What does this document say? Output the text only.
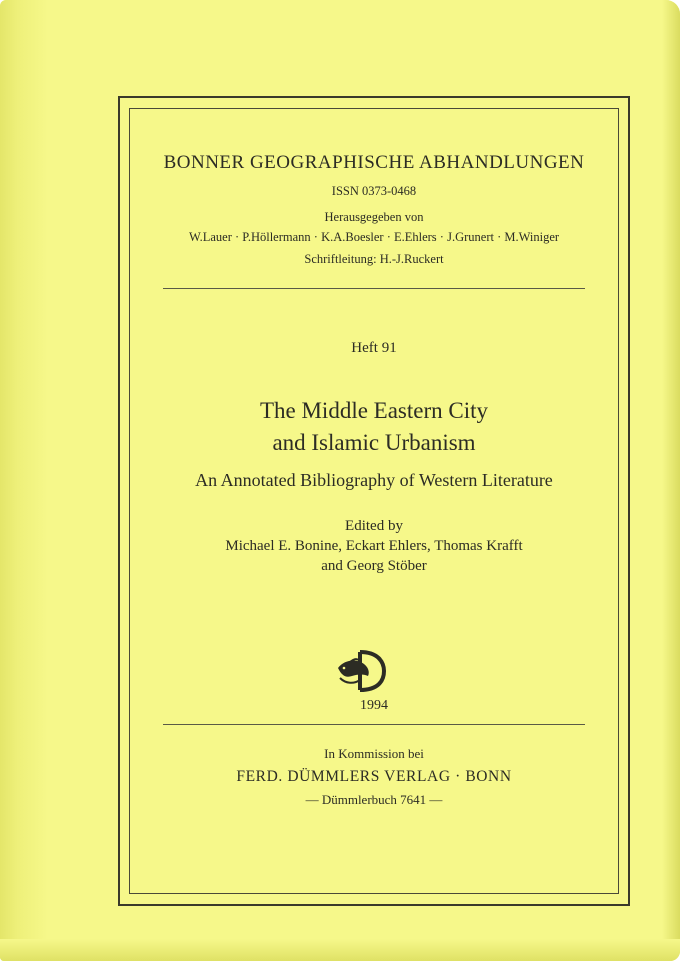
BONNER GEOGRAPHISCHE ABHANDLUNGEN
ISSN 0373-0468
Herausgegeben von
W.Lauer · P.Höllermann · K.A.Boesler · E.Ehlers · J.Grunert · M.Winiger
Schriftleitung: H.-J.Ruckert
Heft 91
The Middle Eastern City
and Islamic Urbanism
An Annotated Bibliography of Western Literature
Edited by
Michael E. Bonine, Eckart Ehlers, Thomas Krafft
and Georg Stöber
1994
In Kommission bei
FERD. DÜMMLERS VERLAG · BONN
— Dümmlerbuch 7641 —
